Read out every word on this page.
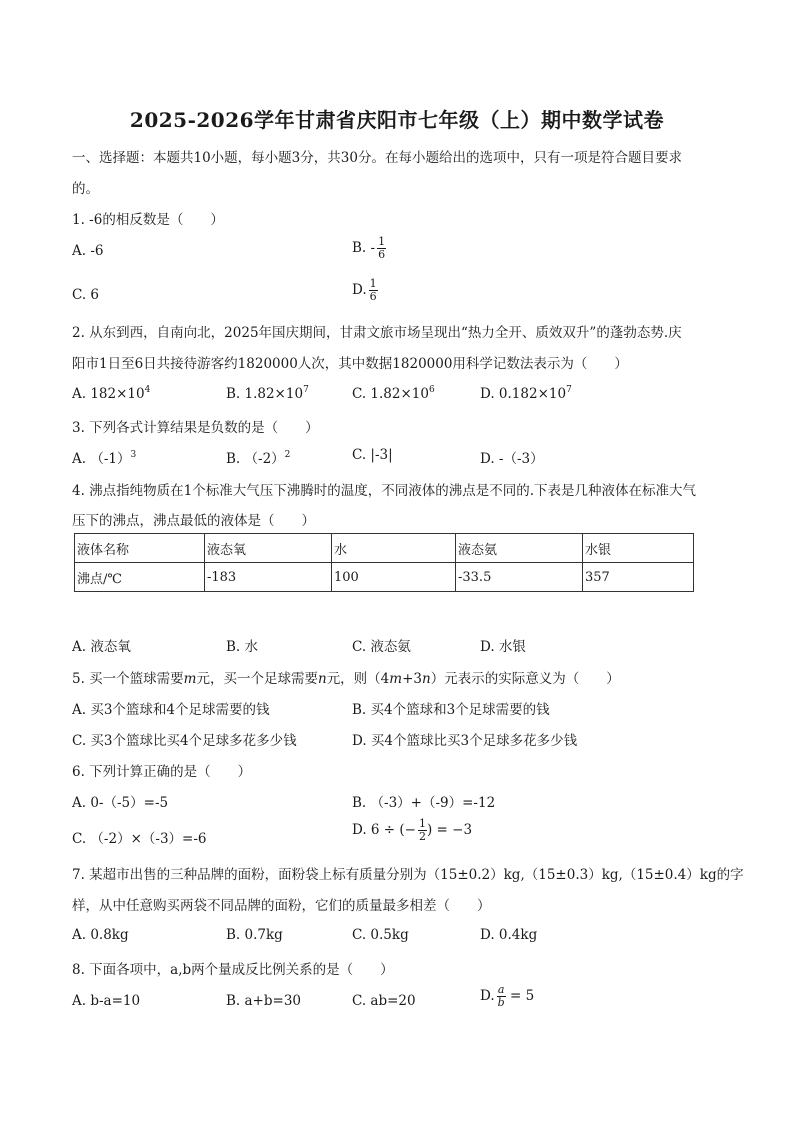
2025-2026学年甘肃省庆阳市七年级（上）期中数学试卷
一、选择题：本题共10小题，每小题3分，共30分。在每小题给出的选项中，只有一项是符合题目要求
的。
1. -6的相反数是（　　）
A. -6	B. - $\frac{1}{6}$
C. 6	D. $\frac{1}{6}$
2. 从东到西，自南向北，2025年国庆期间，甘肃文旅市场呈现出“热力全开、质效双升”的蓬勃态势.庆
阳市1日至6日共接待游客约1820000人次，其中数据1820000用科学记数法表示为（　　）
A. $182\times 10^4$	B. $1.82\times 10^7$	C. $1.82\times 10^6$	D. $0.182\times 10^7$
3. 下列各式计算结果是负数的是（　　）
A. $(-1)^3$	B. $(-2)^2$	C. |-3|	D. -（-3）
4. 沸点指纯物质在1个标准大气压下沸腾时的温度，不同液体的沸点是不同的.下表是几种液体在标准大气
压下的沸点，沸点最低的液体是（　　）
液体名称	液态氧	水	液态氨	水银
沸点/℃	-183	100	-33.5	357
A. 液态氧	B. 水	C. 液态氨	D. 水银
5. 买一个篮球需要m元，买一个足球需要n元，则（4m+3n）元表示的实际意义为（　　）
A. 买3个篮球和4个足球需要的钱	B. 买4个篮球和3个足球需要的钱
C. 买3个篮球比买4个足球多花多少钱	D. 买4个篮球比买3个足球多花多少钱
6. 下列计算正确的是（　　）
A. 0-（-5）=-5	B. （-3）+（-9）=-12
C. （-2）×（-3）=-6
D. 6 ÷ (− $\frac{1}{2}$ ) = −3
7. 某超市出售的三种品牌的面粉，面粉袋上标有质量分别为（15±0.2）kg,（15±0.3）kg,（15±0.4）kg的字
样，从中任意购买两袋不同品牌的面粉，它们的质量最多相差（　　）
A. 0.8kg	B. 0.7kg	C. 0.5kg	D. 0.4kg
8. 下面各项中，a,b两个量成反比例关系的是（　　）
A. b-a=10	B. a+b=30	C. ab=20	D. $\frac{a}{b} = 5$
